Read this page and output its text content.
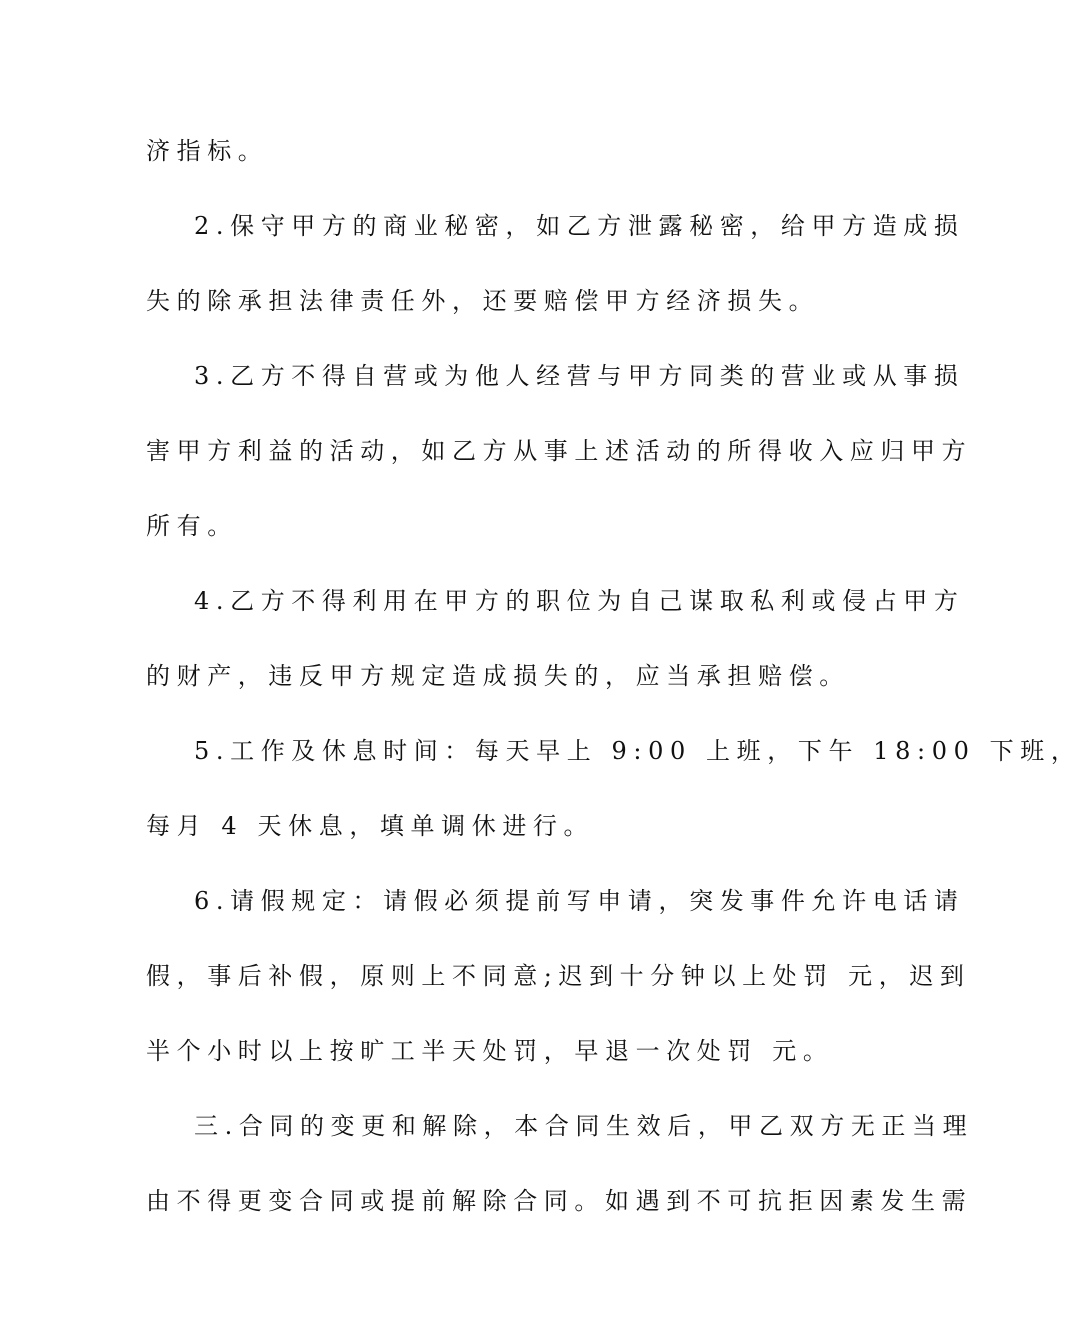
济指标。
2.保守甲方的商业秘密，如乙方泄露秘密，给甲方造成损
失的除承担法律责任外，还要赔偿甲方经济损失。
3.乙方不得自营或为他人经营与甲方同类的营业或从事损
害甲方利益的活动，如乙方从事上述活动的所得收入应归甲方
所有。
4.乙方不得利用在甲方的职位为自己谋取私利或侵占甲方
的财产，违反甲方规定造成损失的，应当承担赔偿。
5.工作及休息时间：每天早上 9:00 上班，下午 18:00 下班，
每月 4 天休息，填单调休进行。
6.请假规定：请假必须提前写申请，突发事件允许电话请
假，事后补假，原则上不同意;迟到十分钟以上处罚 元，迟到
半个小时以上按旷工半天处罚，早退一次处罚 元。
三.合同的变更和解除，本合同生效后，甲乙双方无正当理
由不得更变合同或提前解除合同。如遇到不可抗拒因素发生需
